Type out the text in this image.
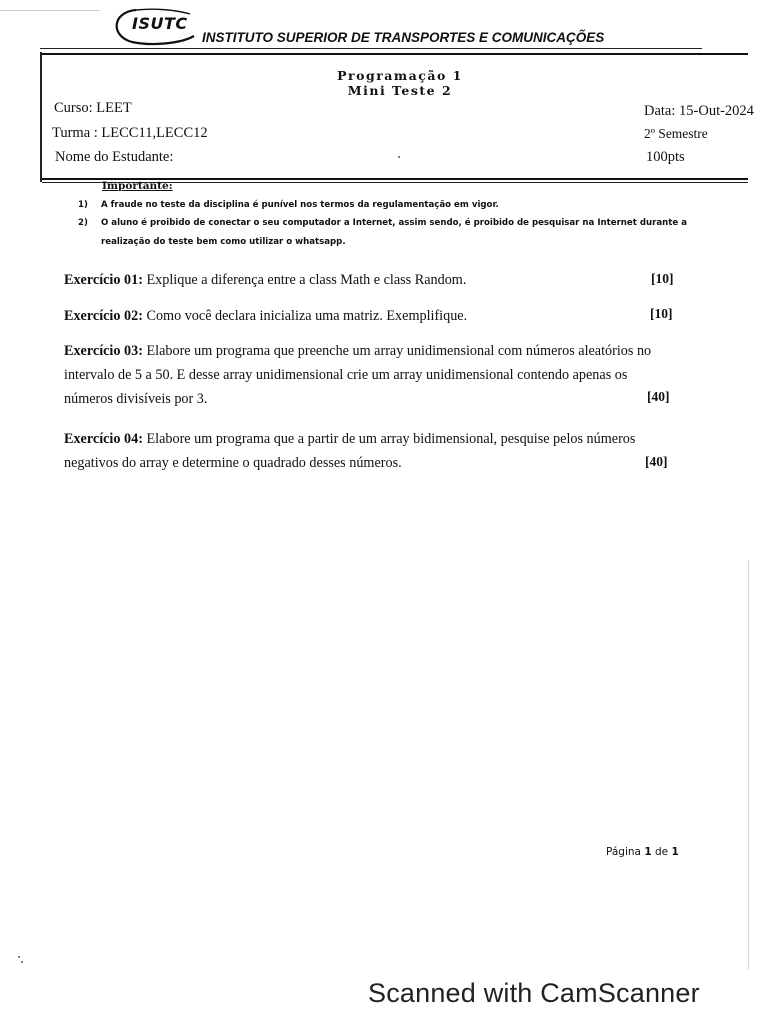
ISUTC
INSTITUTO SUPERIOR DE TRANSPORTES E COMUNICAÇÕES
Programação 1
Mini Teste 2
Curso: LEET
Turma : LECC11,LECC12
Nome do Estudante:
Data: 15-Out-2024
2º Semestre
100pts
Importante:
1) A fraude no teste da disciplina é punível nos termos da regulamentação em vigor.
2) O aluno é proibido de conectar o seu computador a Internet, assim sendo, é proibido de pesquisar na Internet durante a
realização do teste bem como utilizar o whatsapp.
Exercício 01: Explique a diferença entre a class Math e class Random.	[10]
Exercício 02: Como você declara inicializa uma matriz. Exemplifique.	[10]
Exercício 03: Elabore um programa que preenche um array unidimensional com números aleatórios no
intervalo de 5 a 50. E desse array unidimensional crie um array unidimensional contendo apenas os
números divisíveis por 3.	[40]
Exercício 04: Elabore um programa que a partir de um array bidimensional, pesquise pelos números
negativos do array e determine o quadrado desses números.	[40]
Página 1 de 1
Scanned with CamScanner
